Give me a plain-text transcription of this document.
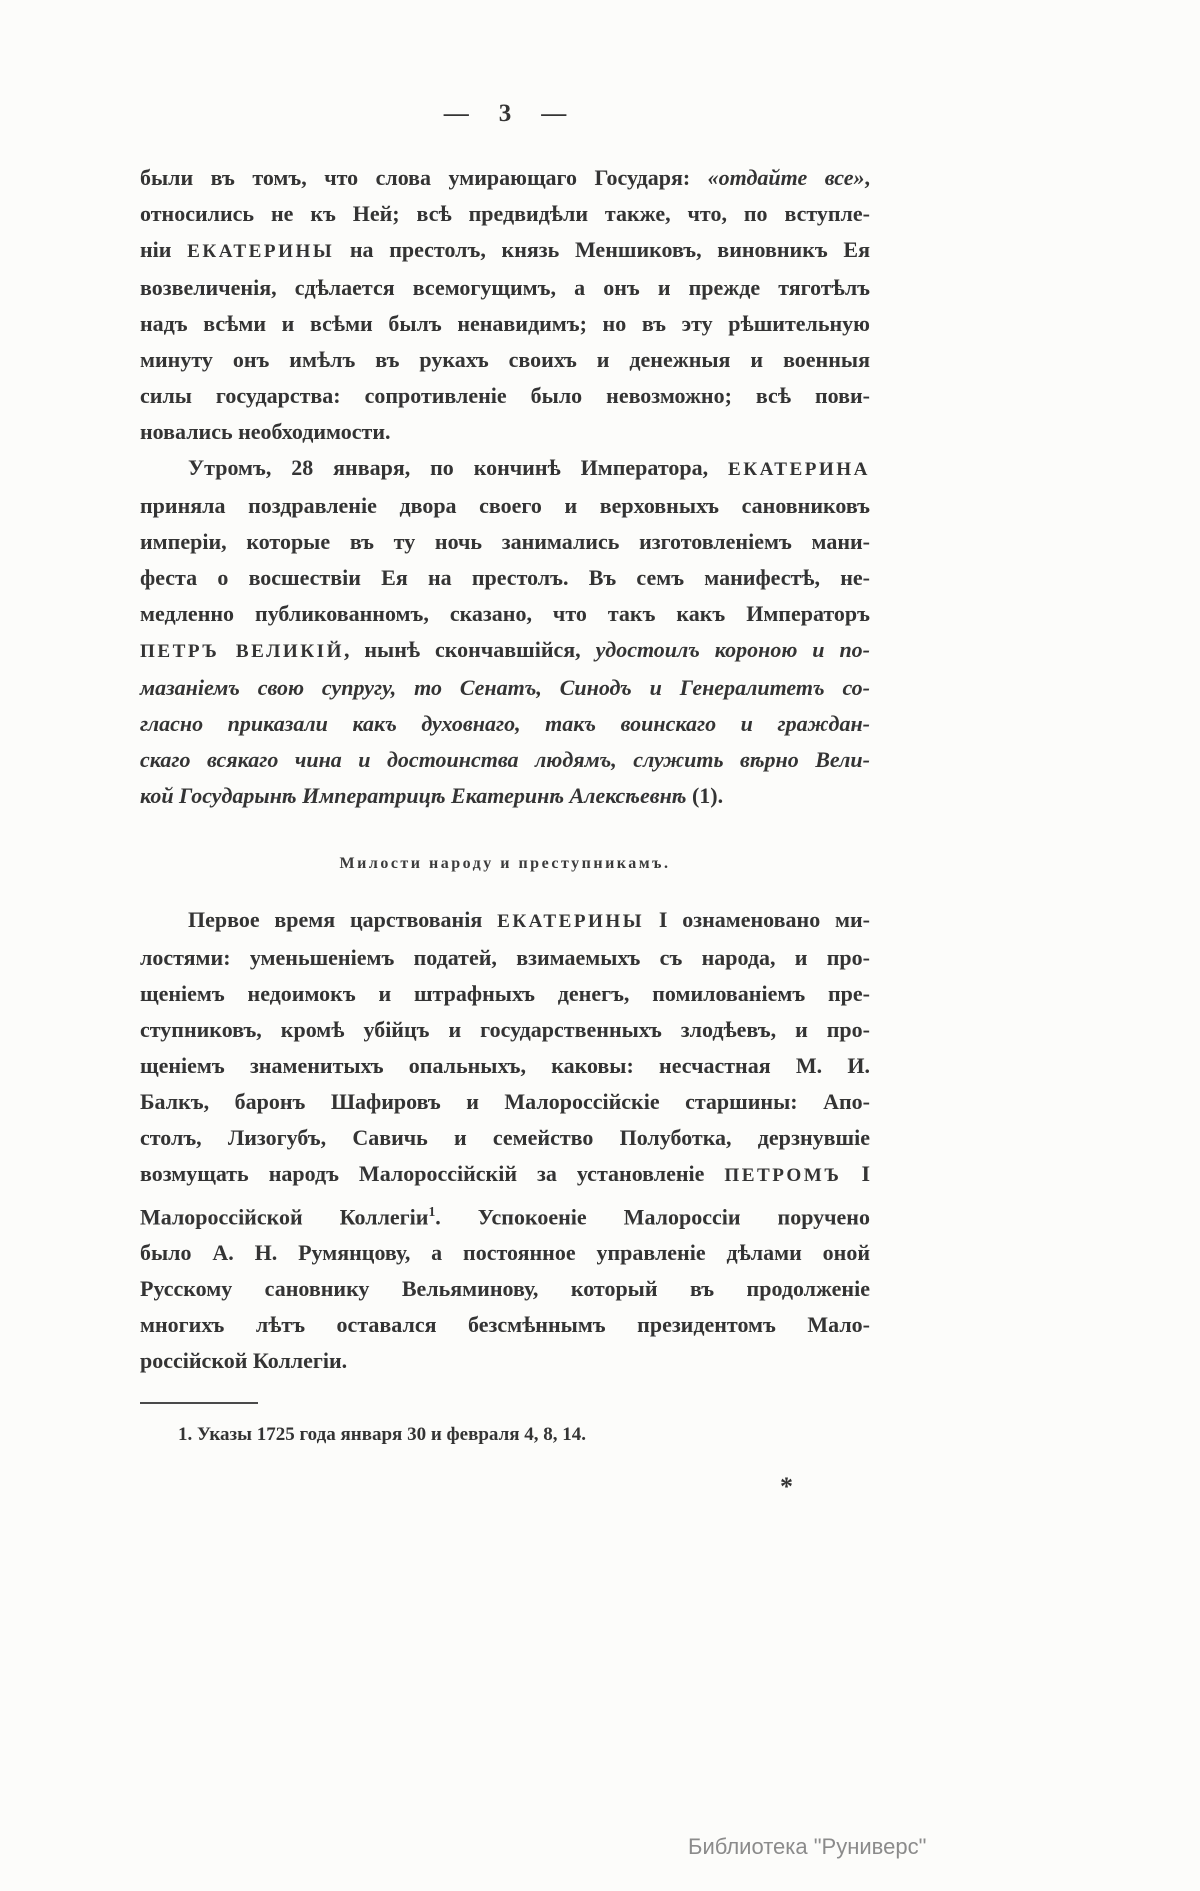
— 3 —
были въ томъ, что слова умирающаго Государя: «отдайте все»,
относились не къ Ней; всѣ предвидѣли также, что, по вступле-
ніи ЕКАТЕРИНЫ на престолъ, князь Меншиковъ, виновникъ Ея
возвеличенія, сдѣлается всемогущимъ, а онъ и прежде тяготѣлъ
надъ всѣми и всѣми былъ ненавидимъ; но въ эту рѣшительную
минуту онъ имѣлъ въ рукахъ своихъ и денежныя и военныя
силы государства: сопротивленіе было невозможно; всѣ пови-
новались необходимости.
Утромъ, 28 января, по кончинѣ Императора, ЕКАТЕРИНА
приняла поздравленіе двора своего и верховныхъ сановниковъ
имперіи, которые въ ту ночь занимались изготовленіемъ мани-
феста о восшествіи Ея на престолъ. Въ семъ манифестѣ, не-
медленно публикованномъ, сказано, что такъ какъ Императоръ
ПЕТРЪ ВЕЛИКІЙ, нынѣ скончавшійся, удостоилъ короною и по-
мазаніемъ свою супругу, то Сенатъ, Синодъ и Генералитетъ со-
гласно приказали какъ духовнаго, такъ воинскаго и граждан-
скаго всякаго чина и достоинства людямъ, служить вѣрно Вели-
кой Государынѣ Императрицѣ Екатеринѣ Алексѣевнѣ (1).
Милости народу и преступникамъ.
Первое время царствованія ЕКАТЕРИНЫ I ознаменовано ми-
лостями: уменьшеніемъ податей, взимаемыхъ съ народа, и про-
щеніемъ недоимокъ и штрафныхъ денегъ, помилованіемъ пре-
ступниковъ, кромѣ убійцъ и государственныхъ злодѣевъ, и про-
щеніемъ знаменитыхъ опальныхъ, каковы: несчастная М. И.
Балкъ, баронъ Шафировъ и Малороссійскіе старшины: Апо-
столъ, Лизогубъ, Савичь и семейство Полуботка, дерзнувшіе
возмущать народъ Малороссійскій за установленіе ПЕТРОМЪ I
Малороссійской Коллегіи$^1$. Успокоеніе Малороссіи поручено
было А. Н. Румянцову, а постоянное управленіе дѣлами оной
Русскому сановнику Вельяминову, который въ продолженіе
многихъ лѣтъ оставался безсмѣннымъ президентомъ Мало-
россійской Коллегіи.
1. Указы 1725 года января 30 и февраля 4, 8, 14.
*
Библиотека "Руниверс"
